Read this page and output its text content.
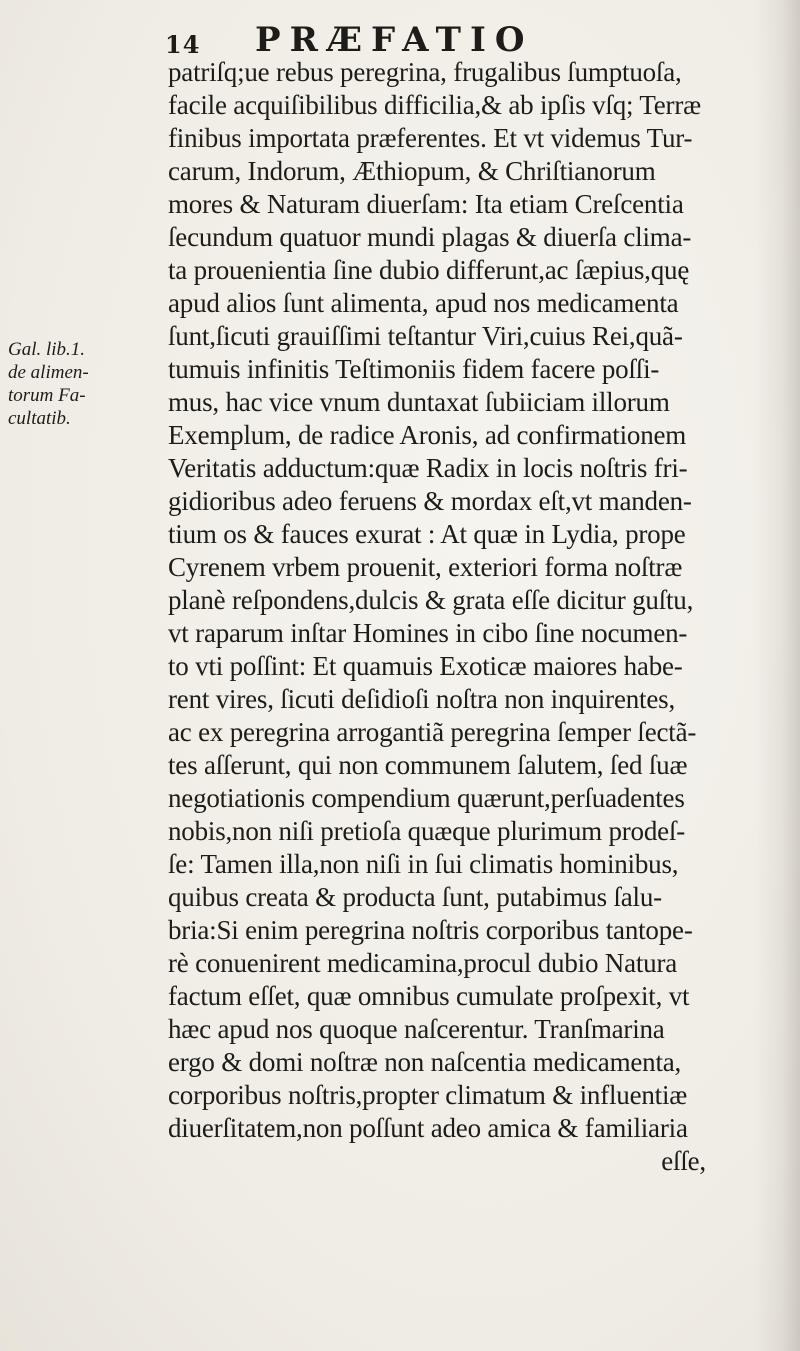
14 PRÆFATIO
Gal. lib.1.
de alimen-
torum Fa-
cultatib.
patriſq;ue rebus peregrina, frugalibus ſumptuoſa,
facile acquiſibilibus difficilia,& ab ipſis vſq; Terræ
finibus importata præferentes. Et vt videmus Tur-
carum, Indorum, Æthiopum, & Chriſtianorum
mores & Naturam diuerſam: Ita etiam Creſcentia
ſecundum quatuor mundi plagas & diuerſa clima-
ta prouenientia ſine dubio differunt,ac ſæpius,quę
apud alios ſunt alimenta, apud nos medicamenta
ſunt,ſicuti grauiſſimi teſtantur Viri,cuius Rei,quã-
tumuis infinitis Teſtimoniis fidem facere poſſi-
mus, hac vice vnum duntaxat ſubiiciam illorum
Exemplum, de radice Aronis, ad confirmationem
Veritatis adductum:quæ Radix in locis noſtris fri-
gidioribus adeo feruens & mordax eſt,vt manden-
tium os & fauces exurat : At quæ in Lydia, prope
Cyrenem vrbem prouenit, exteriori forma noſtræ
planè reſpondens,dulcis & grata eſſe dicitur guſtu,
vt raparum inſtar Homines in cibo ſine nocumen-
to vti poſſint: Et quamuis Exoticæ maiores habe-
rent vires, ſicuti deſidioſi noſtra non inquirentes,
ac ex peregrina arrogantiã peregrina ſemper ſectã-
tes aſſerunt, qui non communem ſalutem, ſed ſuæ
negotiationis compendium quærunt,perſuadentes
nobis,non niſi pretioſa quæque plurimum prodeſ-
ſe: Tamen illa,non niſi in ſui climatis hominibus,
quibus creata & producta ſunt, putabimus ſalu-
bria:Si enim peregrina noſtris corporibus tantope-
rè conuenirent medicamina,procul dubio Natura
factum eſſet, quæ omnibus cumulate proſpexit, vt
hæc apud nos quoque naſcerentur. Tranſmarina
ergo & domi noſtræ non naſcentia medicamenta,
corporibus noſtris,propter climatum & influentiæ
diuerſitatem,non poſſunt adeo amica & familiaria
eſſe,
